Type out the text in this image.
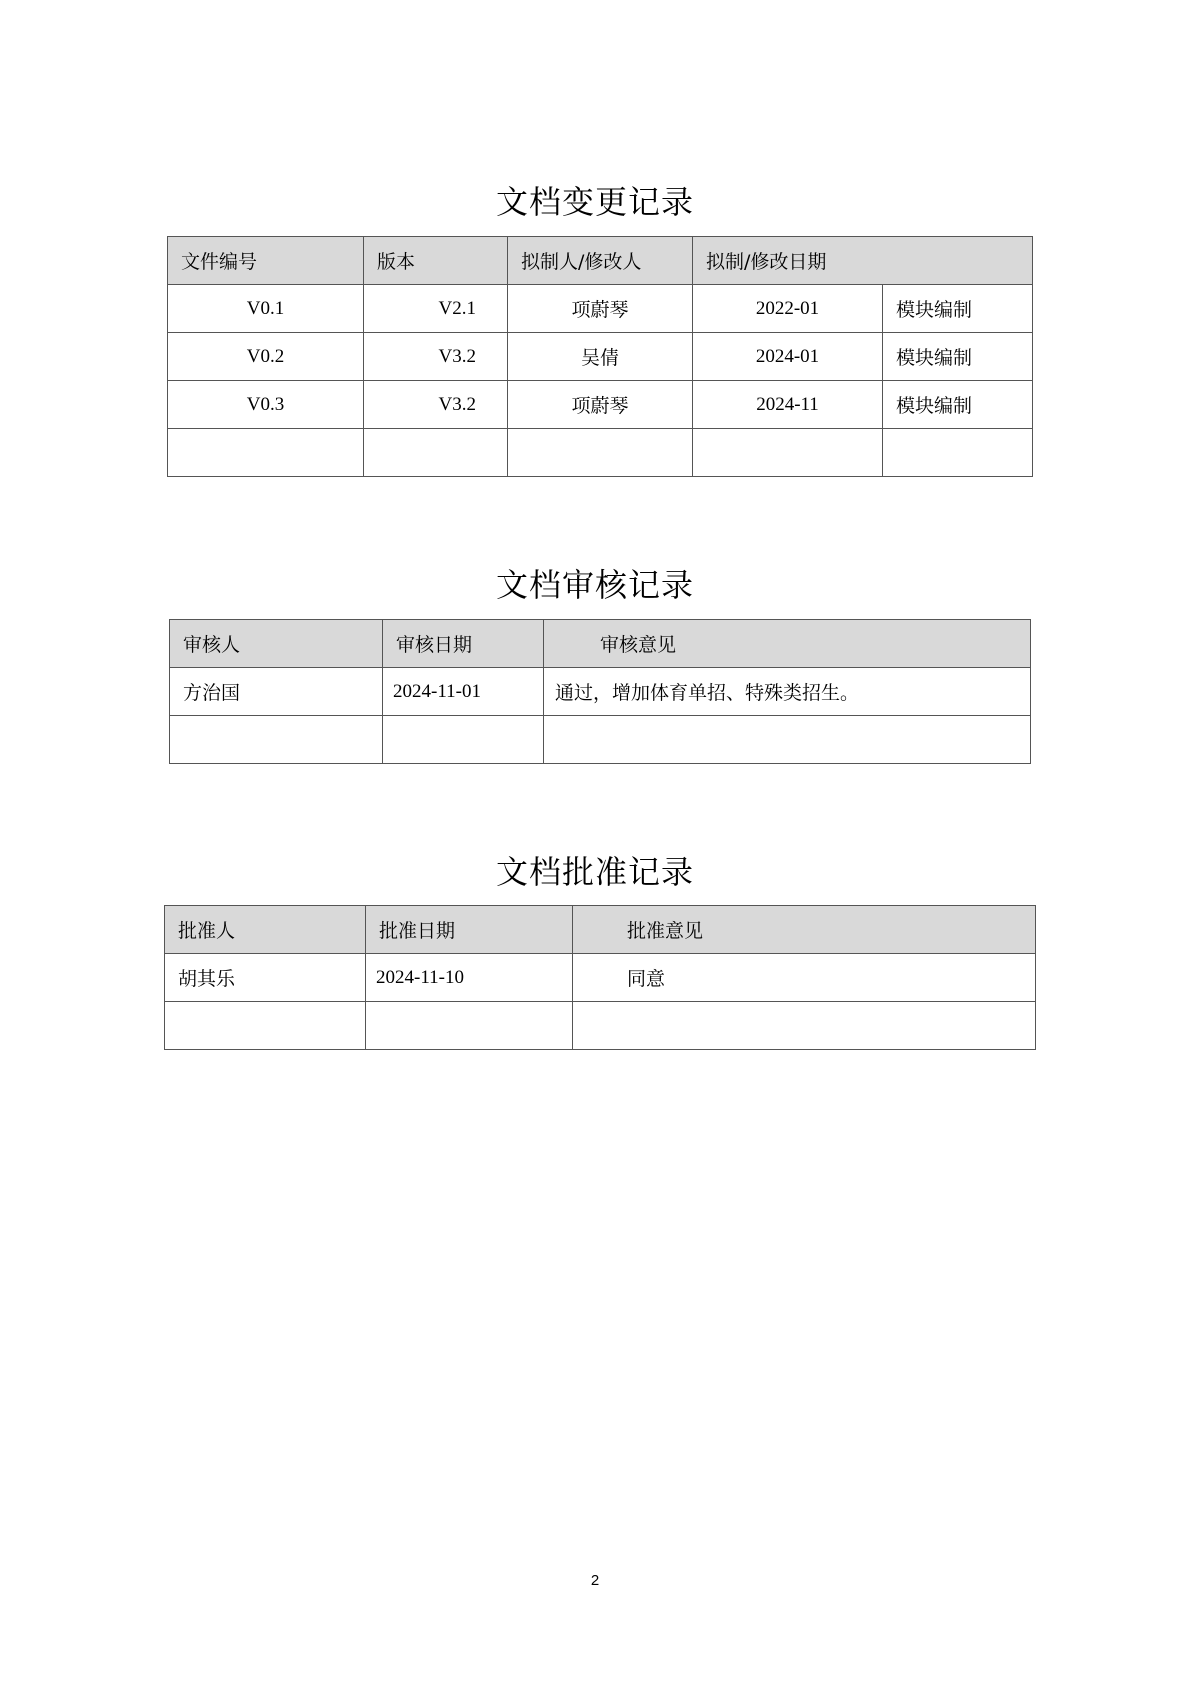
文档变更记录
文件编号	版本	拟制人/修改人	拟制/修改日期	
V0.1	V2.1	项蔚琴	2022-01	模块编制
V0.2	V3.2	吴倩	2024-01	模块编制
V0.3	V3.2	项蔚琴	2024-11	模块编制

文档审核记录
审核人	审核日期	审核意见
方治国	2024-11-01	通过，增加体育单招、特殊类招生。

文档批准记录
批准人	批准日期	批准意见
胡其乐	2024-11-10	同意

2
